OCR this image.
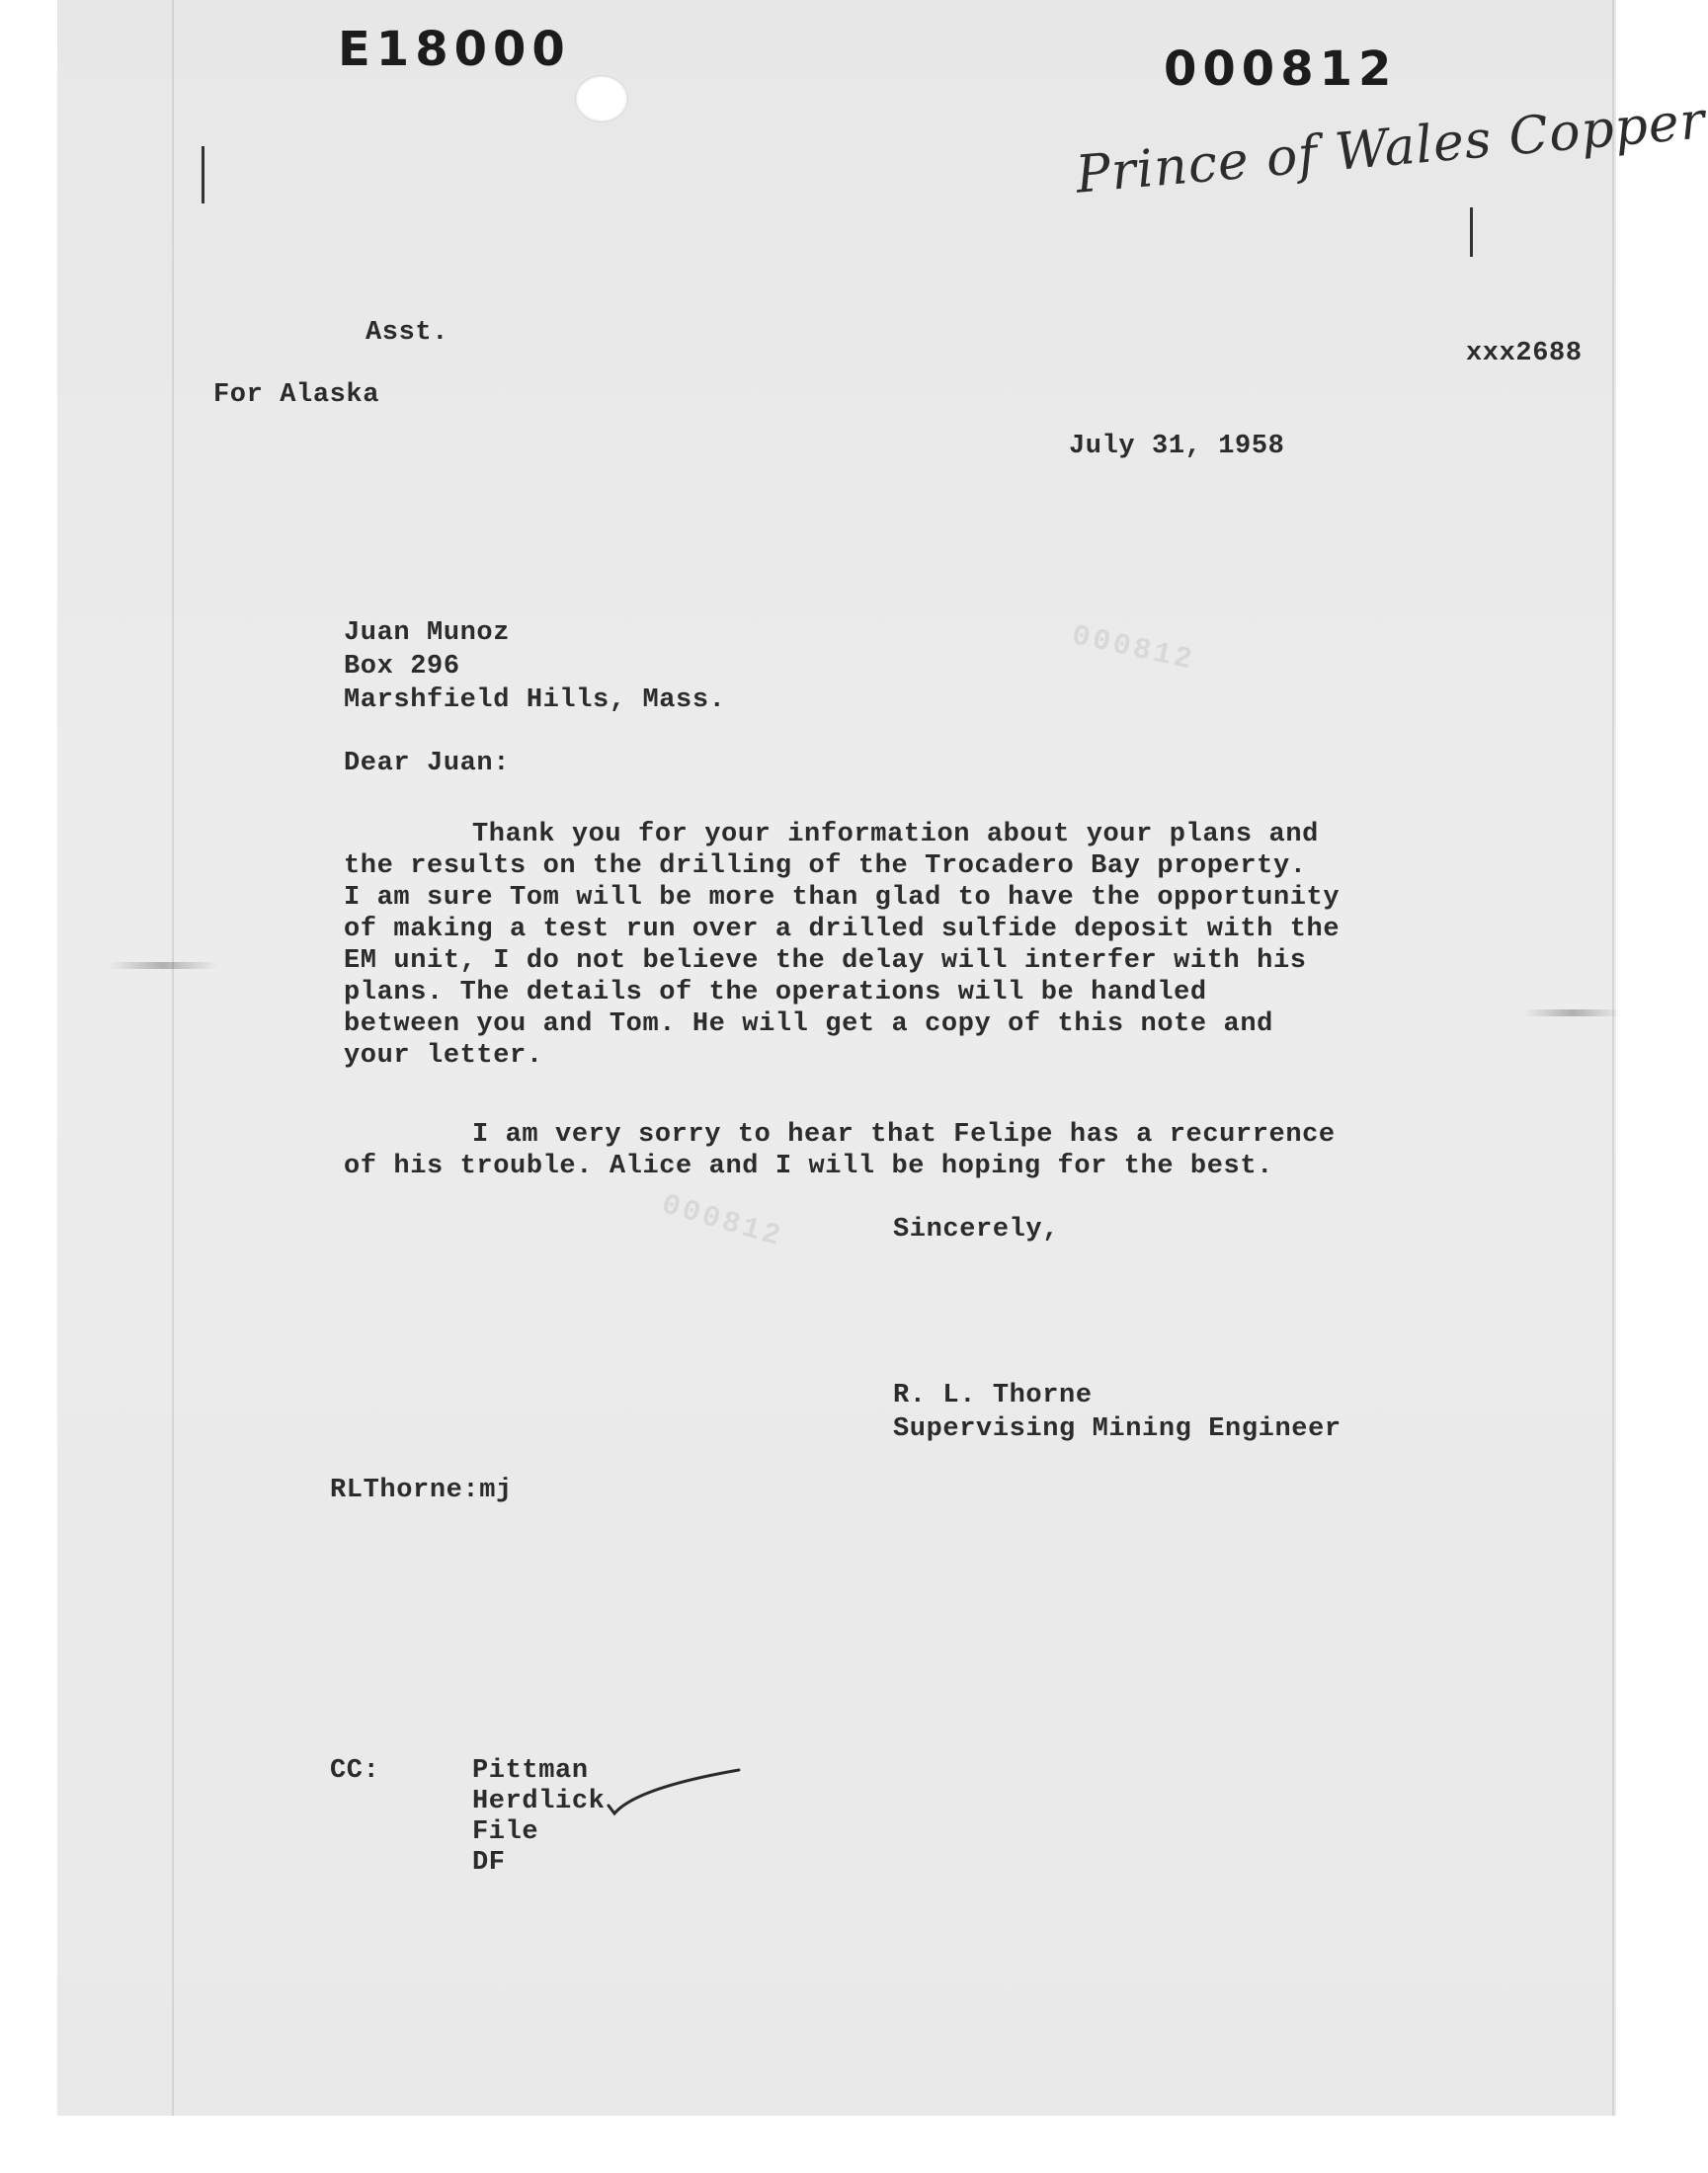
000812
000812
E18000	000812
Prince of Wales Copper
Asst.
For Alaska
xxx2688
July 31, 1958
Juan Munoz
Box 296
Marshfield Hills, Mass.
Dear Juan:
Thank you for your information about your plans and
the results on the drilling of the Trocadero Bay property.
I am sure Tom will be more than glad to have the opportunity
of making a test run over a drilled sulfide deposit with the
EM unit, I do not believe the delay will interfer with his
plans. The details of the operations will be handled
between you and Tom. He will get a copy of this note and
your letter.
I am very sorry to hear that Felipe has a recurrence
of his trouble. Alice and I will be hoping for the best.
Sincerely,
R. L. Thorne
Supervising Mining Engineer
RLThorne:mj
CC:	Pittman
Herdlick
File
DF
